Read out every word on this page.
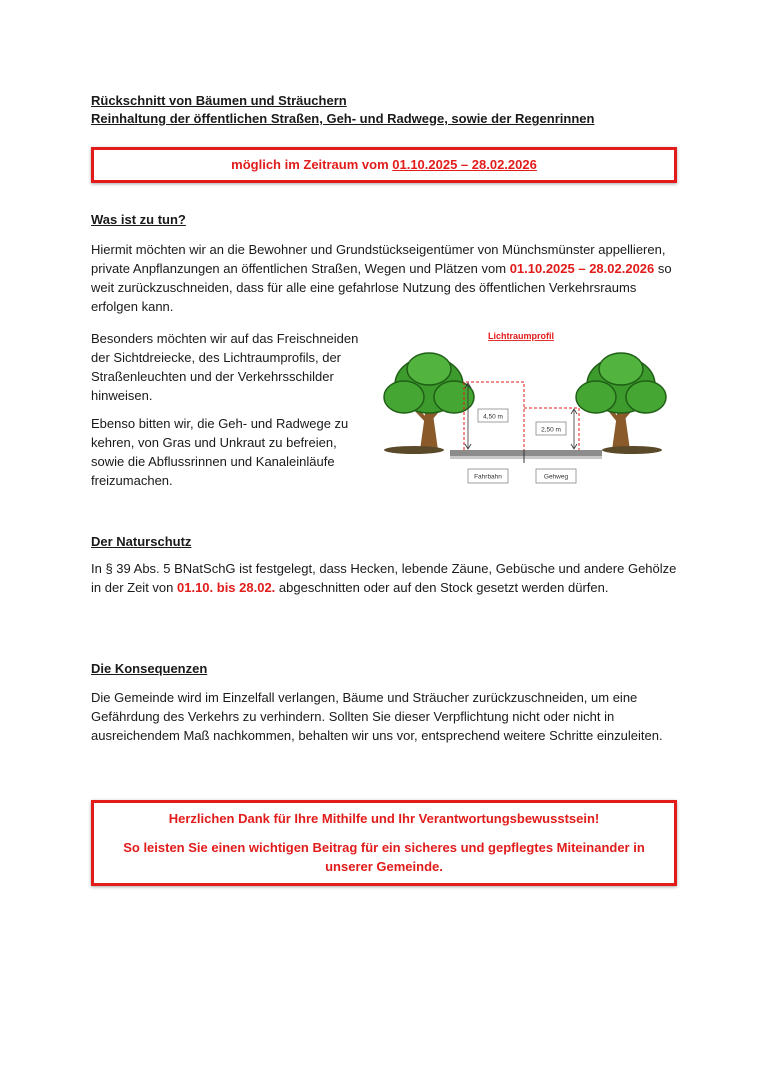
Rückschnitt von Bäumen und Sträuchern
Reinhaltung der öffentlichen Straßen, Geh- und Radwege, sowie der Regenrinnen
möglich im Zeitraum vom 01.10.2025 – 28.02.2026
Was ist zu tun?
Hiermit möchten wir an die Bewohner und Grundstückseigentümer von Münchsmünster appellieren, private Anpflanzungen an öffentlichen Straßen, Wegen und Plätzen vom 01.10.2025 – 28.02.2026 so weit zurückzuschneiden, dass für alle eine gefahrlose Nutzung des öffentlichen Verkehrsraums erfolgen kann.
Besonders möchten wir auf das Freischneiden der Sichtdreiecke, des Lichtraumprofils, der Straßenleuchten und der Verkehrsschilder hinweisen.
Ebenso bitten wir, die Geh- und Radwege zu kehren, von Gras und Unkraut zu befreien, sowie die Abflussrinnen und Kanaleinläufe freizumachen.
Lichtraumprofil
4,50 m
2,50 m
Fahrbahn	Gehweg
Der Naturschutz
In § 39 Abs. 5 BNatSchG ist festgelegt, dass Hecken, lebende Zäune, Gebüsche und andere Gehölze in der Zeit von 01.10. bis 28.02. abgeschnitten oder auf den Stock gesetzt werden dürfen.
Die Konsequenzen
Die Gemeinde wird im Einzelfall verlangen, Bäume und Sträucher zurückzuschneiden, um eine Gefährdung des Verkehrs zu verhindern. Sollten Sie dieser Verpflichtung nicht oder nicht in ausreichendem Maß nachkommen, behalten wir uns vor, entsprechend weitere Schritte einzuleiten.
Herzlichen Dank für Ihre Mithilfe und Ihr Verantwortungsbewusstsein!
So leisten Sie einen wichtigen Beitrag für ein sicheres und gepflegtes Miteinander in unserer Gemeinde.
